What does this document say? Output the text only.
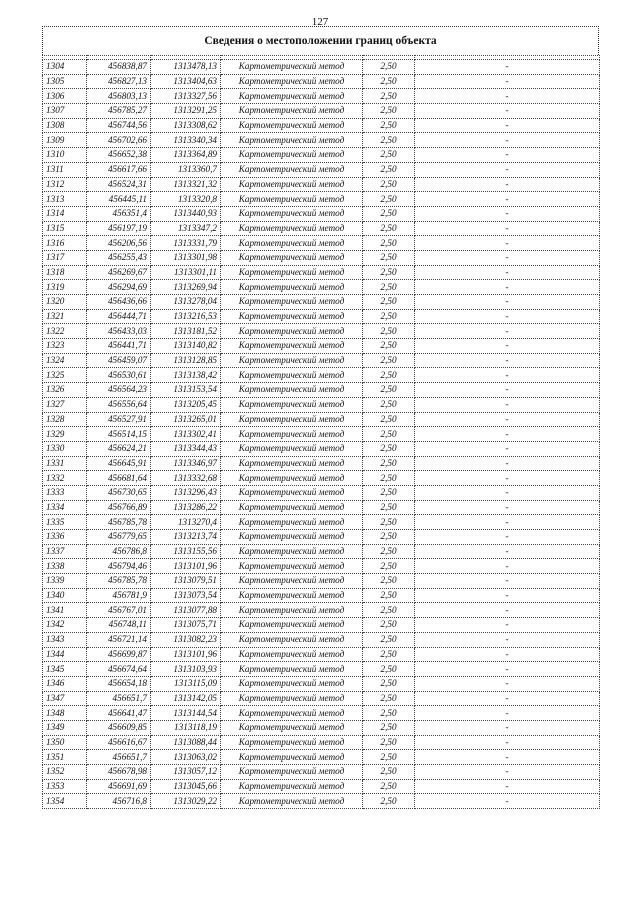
127
Сведения о местоположении границ объекта

1304	456838,87	1313478,13	Картометрический метод	2,50	-
1305	456827,13	1313404,63	Картометрический метод	2,50	-
1306	456803,13	1313327,56	Картометрический метод	2,50	-
1307	456785,27	1313291,25	Картометрический метод	2,50	-
1308	456744,56	1313308,62	Картометрический метод	2,50	-
1309	456702,66	1313340,34	Картометрический метод	2,50	-
1310	456652,38	1313364,89	Картометрический метод	2,50	-
1311	456617,66	1313360,7	Картометрический метод	2,50	-
1312	456524,31	1313321,32	Картометрический метод	2,50	-
1313	456445,11	1313320,8	Картометрический метод	2,50	-
1314	456351,4	1313440,93	Картометрический метод	2,50	-
1315	456197,19	1313347,2	Картометрический метод	2,50	-
1316	456206,56	1313331,79	Картометрический метод	2,50	-
1317	456255,43	1313301,98	Картометрический метод	2,50	-
1318	456269,67	1313301,11	Картометрический метод	2,50	-
1319	456294,69	1313269,94	Картометрический метод	2,50	-
1320	456436,66	1313278,04	Картометрический метод	2,50	-
1321	456444,71	1313216,53	Картометрический метод	2,50	-
1322	456433,03	1313181,52	Картометрический метод	2,50	-
1323	456441,71	1313140,82	Картометрический метод	2,50	-
1324	456459,07	1313128,85	Картометрический метод	2,50	-
1325	456530,61	1313138,42	Картометрический метод	2,50	-
1326	456564,23	1313153,54	Картометрический метод	2,50	-
1327	456556,64	1313205,45	Картометрический метод	2,50	-
1328	456527,91	1313265,01	Картометрический метод	2,50	-
1329	456514,15	1313302,41	Картометрический метод	2,50	-
1330	456624,21	1313344,43	Картометрический метод	2,50	-
1331	456645,91	1313346,97	Картометрический метод	2,50	-
1332	456681,64	1313332,68	Картометрический метод	2,50	-
1333	456730,65	1313296,43	Картометрический метод	2,50	-
1334	456766,89	1313286,22	Картометрический метод	2,50	-
1335	456785,78	1313270,4	Картометрический метод	2,50	-
1336	456779,65	1313213,74	Картометрический метод	2,50	-
1337	456786,8	1313155,56	Картометрический метод	2,50	-
1338	456794,46	1313101,96	Картометрический метод	2,50	-
1339	456785,78	1313079,51	Картометрический метод	2,50	-
1340	456781,9	1313073,54	Картометрический метод	2,50	-
1341	456767,01	1313077,88	Картометрический метод	2,50	-
1342	456748,11	1313075,71	Картометрический метод	2,50	-
1343	456721,14	1313082,23	Картометрический метод	2,50	-
1344	456699,87	1313101,96	Картометрический метод	2,50	-
1345	456674,64	1313103,93	Картометрический метод	2,50	-
1346	456654,18	1313115,09	Картометрический метод	2,50	-
1347	456651,7	1313142,05	Картометрический метод	2,50	-
1348	456641,47	1313144,54	Картометрический метод	2,50	-
1349	456609,85	1313118,19	Картометрический метод	2,50	-
1350	456616,67	1313088,44	Картометрический метод	2,50	-
1351	456651,7	1313063,02	Картометрический метод	2,50	-
1352	456678,98	1313057,12	Картометрический метод	2,50	-
1353	456691,69	1313045,66	Картометрический метод	2,50	-
1354	456716,8	1313029,22	Картометрический метод	2,50	-
